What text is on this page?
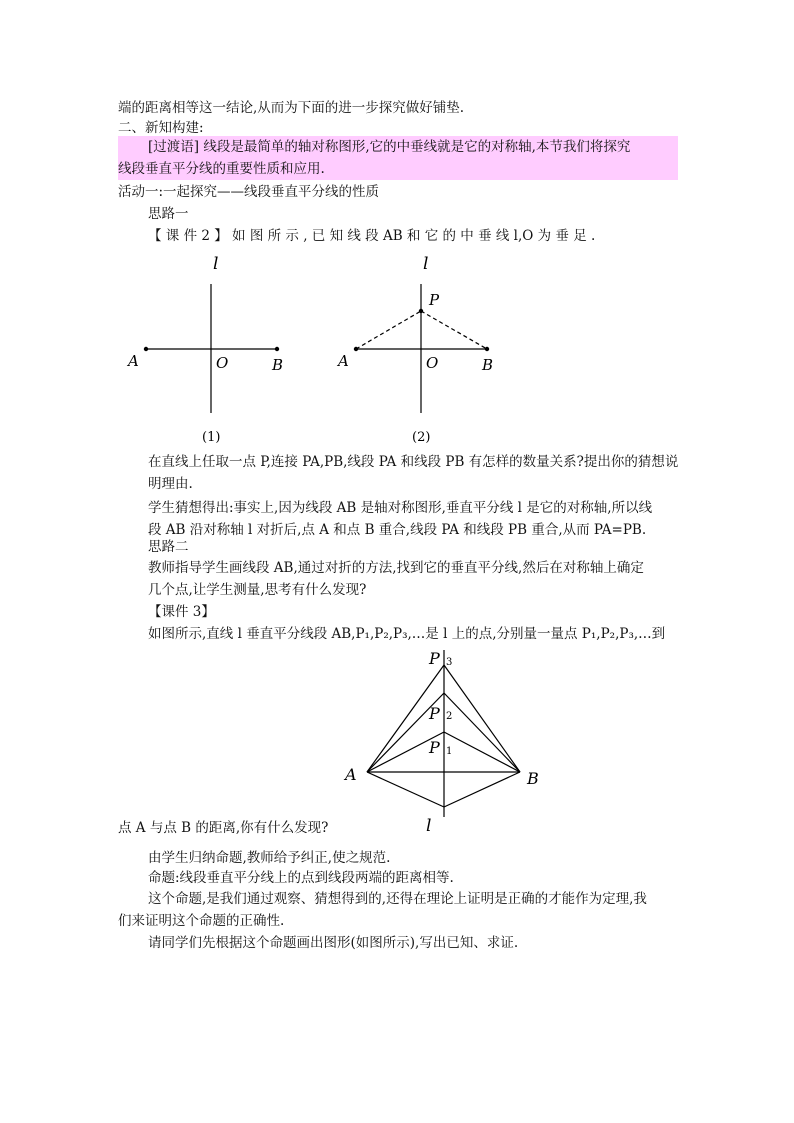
端的距离相等这一结论,从而为下面的进一步探究做好铺垫.
二、新知构建:
[过渡语] 线段是最简单的轴对称图形,它的中垂线就是它的对称轴,本节我们将探究
线段垂直平分线的重要性质和应用.
活动一:一起探究——线段垂直平分线的性质
思路一
【 课 件 2 】 如 图 所 示 , 已 知 线 段 AB 和 它 的 中 垂 线 l,O 为 垂 足 .
l
A	O	B
(1)
l
P
A	O	B
(2)
在直线上任取一点 P,连接 PA,PB,线段 PA 和线段 PB 有怎样的数量关系?提出你的猜想说
明理由.
学生猜想得出:事实上,因为线段 AB 是轴对称图形,垂直平分线 l 是它的对称轴,所以线
段 AB 沿对称轴 l 对折后,点 A 和点 B 重合,线段 PA 和线段 PB 重合,从而 PA=PB.
思路二
教师指导学生画线段 AB,通过对折的方法,找到它的垂直平分线,然后在对称轴上确定
几个点,让学生测量,思考有什么发现?
【课件 3】
如图所示,直线 l 垂直平分线段 AB,P₁,P₂,P₃,…是 l 上的点,分别量一量点 P₁,P₂,P₃,…到
P 3
P 2
P 1
A	B
l
点 A 与点 B 的距离,你有什么发现?
由学生归纳命题,教师给予纠正,使之规范.
命题:线段垂直平分线上的点到线段两端的距离相等.
这个命题,是我们通过观察、猜想得到的,还得在理论上证明是正确的才能作为定理,我
们来证明这个命题的正确性.
请同学们先根据这个命题画出图形(如图所示),写出已知、求证.
